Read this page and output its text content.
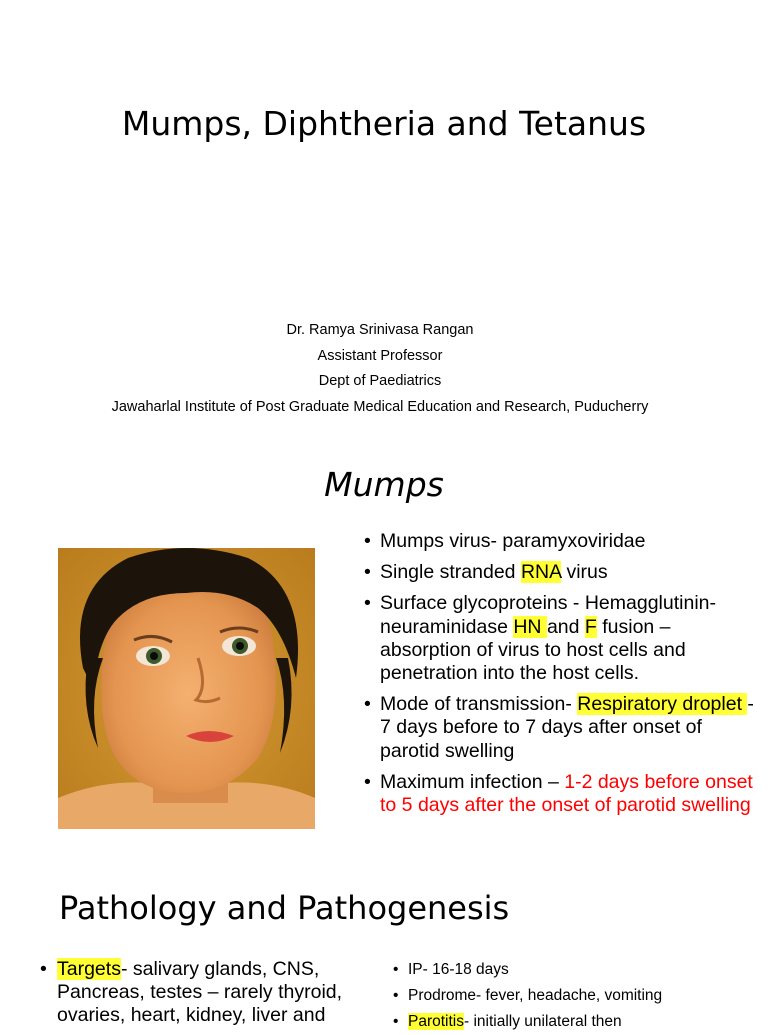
Mumps, Diphtheria and Tetanus
Dr. Ramya Srinivasa Rangan
Assistant Professor
Dept of Paediatrics
Jawaharlal Institute of Post Graduate Medical Education and Research, Puducherry
Mumps
• Mumps virus- paramyxoviridae
• Single stranded RNA virus
• Surface glycoproteins - Hemagglutinin-neuraminidase HN and F fusion – absorption of virus to host cells and penetration into the host cells.
• Mode of transmission- Respiratory droplet - 7 days before to 7 days after onset of parotid swelling
• Maximum infection – 1-2 days before onset to 5 days after the onset of parotid swelling
Pathology and Pathogenesis
• Targets- salivary glands, CNS, Pancreas, testes – rarely thyroid, ovaries, heart, kidney, liver and
• IP- 16-18 days
• Prodrome- fever, headache, vomiting
• Parotitis- initially unilateral then
